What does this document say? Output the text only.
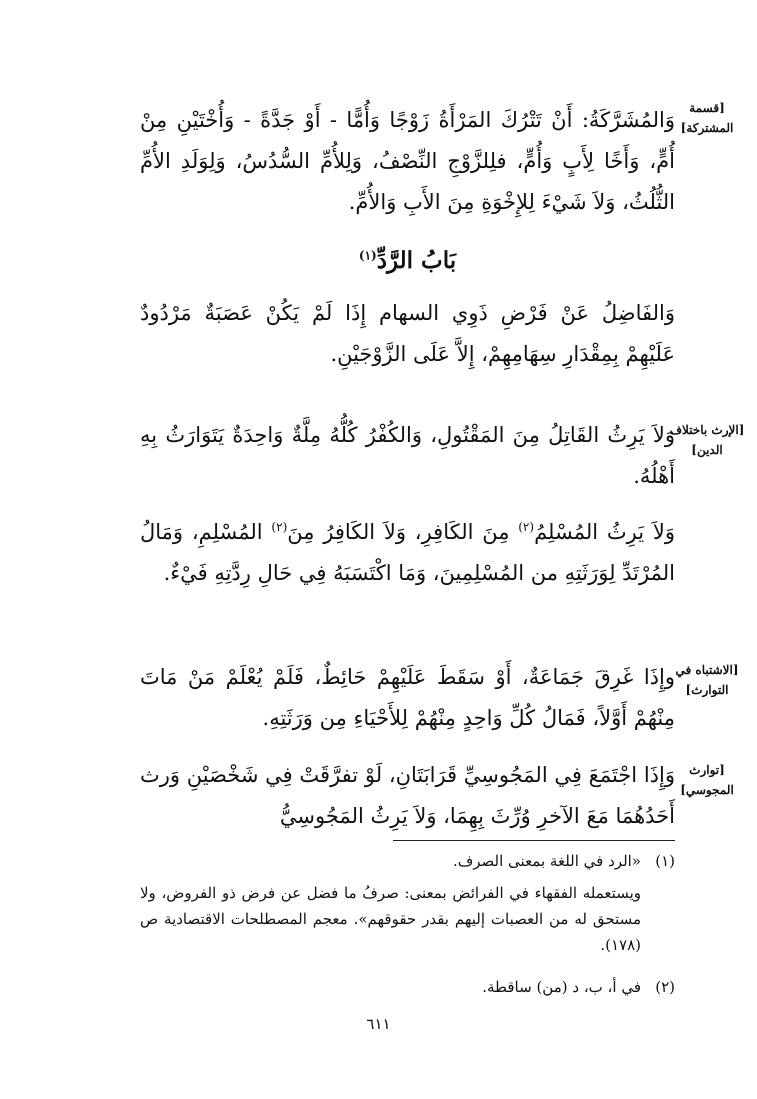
[قسمة المشتركة]
[الإرث باختلاف الدين]
[الاشتباه في التوارث]
[توارث المجوسي]
وَالمُشَرَّكَةُ: أَنْ تَتْرُكَ المَرْأَةُ زَوْجًا وَأُمًّا - أَوْ جَدَّةً - وَأُخْتَيْنِ مِنْ أُمٍّ، وَأَخًا لِأَبٍ وَأُمٍّ، فلِلزَّوْجِ النِّصْفُ، وَلِلأُمِّ السُّدُسُ، وَلِوَلَدِ الأُمِّ الثُّلُثُ، وَلاَ شَيْءَ لِلإِخْوَةِ مِنَ الأَبِ وَالأُمِّ.
بَابُ الرَّدِّ$^{(١)}$
وَالفَاضِلُ عَنْ فَرْضِ ذَوِي السهام إِذَا لَمْ يَكُنْ عَصَبَةٌ مَرْدُودٌ عَلَيْهِمْ بِمِقْدَارِ سِهَامِهِمْ، إِلاَّ عَلَى الزَّوْجَيْنِ.
وَلاَ يَرِثُ القَاتِلُ مِنَ المَقْتُولِ، وَالكُفْرُ كُلُّهُ مِلَّةٌ وَاحِدَةٌ يَتَوَارَثُ بِهِ أَهْلُهُ.
وَلاَ يَرِثُ المُسْلِمُ$^{(٢)}$ مِنَ الكَافِرِ، وَلاَ الكَافِرُ مِنَ$^{(٢)}$ المُسْلِمِ، وَمَالُ المُرْتَدِّ لِوَرَثَتِهِ من المُسْلِمِينَ، وَمَا اكْتَسَبَهُ فِي حَالِ رِدَّتِهِ فَيْءٌ.
وإِذَا غَرِقَ جَمَاعَةٌ، أَوْ سَقَطَ عَلَيْهِمْ حَائِطٌ، فَلَمْ يُعْلَمْ مَنْ مَاتَ مِنْهُمْ أَوَّلاً، فَمَالُ كُلِّ وَاحِدٍ مِنْهُمْ لِلأَحْيَاءِ مِن وَرَثَتِهِ.
وَإِذَا اجْتَمَعَ فِي المَجُوسِيِّ قَرَابَتَانِ، لَوْ تفرَّقَتْ فِي شَخْصَيْنِ وَرث أَحَدُهُمَا مَعَ الآخرِ وُرِّثَ بِهِمَا، وَلاَ يَرِثُ المَجُوسِيُّ
(١)«الرد في اللغة بمعنى الصرف.
ويستعمله الفقهاء في الفرائض بمعنى: صرفُ ما فضل عن فرض ذو الفروض، ولا مستحق له من العصبات إليهم بقدر حقوقهم». معجم المصطلحات الاقتصادية ص (١٧٨).
(٢)في أ، ب، د (من) ساقطة.
٦١١
